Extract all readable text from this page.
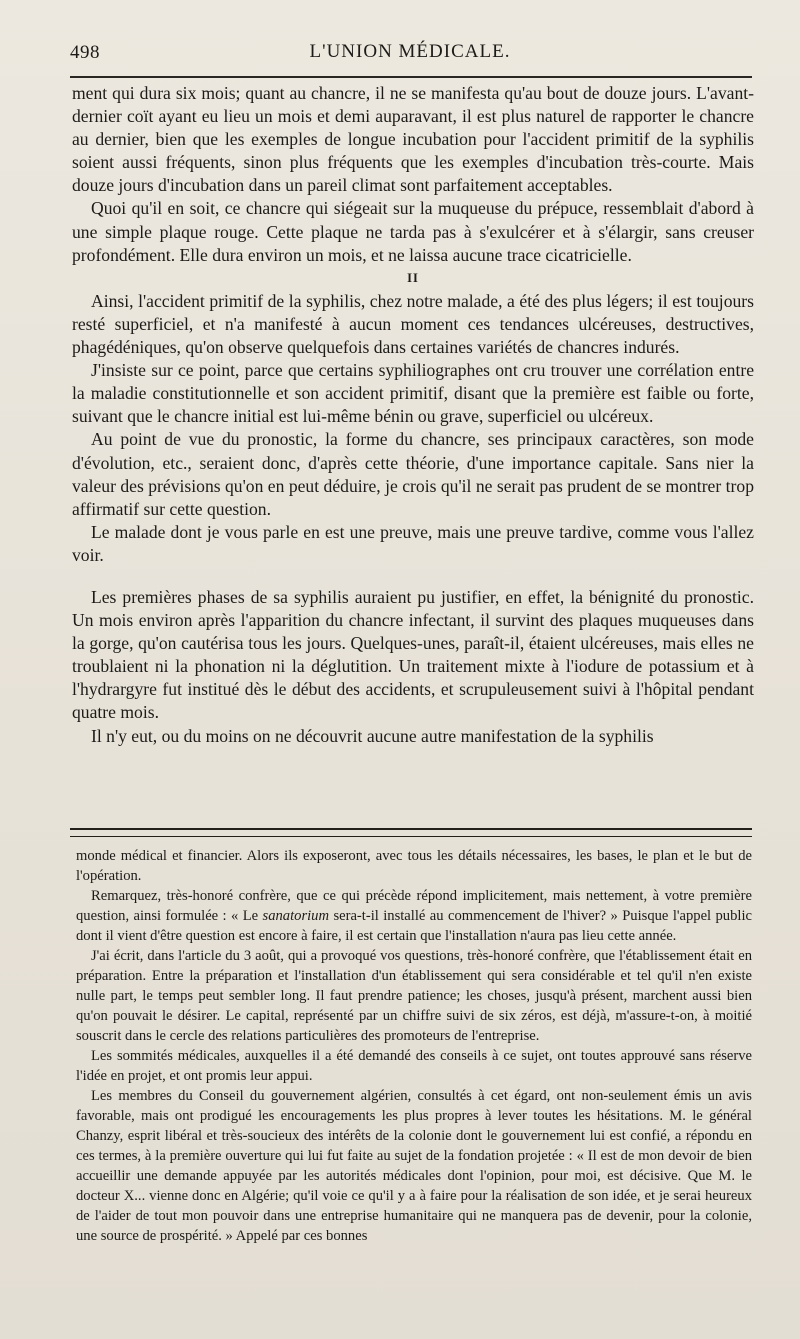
498	L'UNION MÉDICALE.

ment qui dura six mois; quant au chancre, il ne se manifesta qu'au bout de douze jours. L'avant-dernier coït ayant eu lieu un mois et demi auparavant, il est plus naturel de rapporter le chancre au dernier, bien que les exemples de longue incubation pour l'accident primitif de la syphilis soient aussi fréquents, sinon plus fréquents que les exemples d'incubation très-courte. Mais douze jours d'incubation dans un pareil climat sont parfaitement acceptables.

Quoi qu'il en soit, ce chancre qui siégeait sur la muqueuse du prépuce, ressemblait d'abord à une simple plaque rouge. Cette plaque ne tarda pas à s'exulcérer et à s'élargir, sans creuser profondément. Elle dura environ un mois, et ne laissa aucune trace cicatricielle.

II

Ainsi, l'accident primitif de la syphilis, chez notre malade, a été des plus légers; il est toujours resté superficiel, et n'a manifesté à aucun moment ces tendances ulcéreuses, destructives, phagédéniques, qu'on observe quelquefois dans certaines variétés de chancres indurés.

J'insiste sur ce point, parce que certains syphiliographes ont cru trouver une corrélation entre la maladie constitutionnelle et son accident primitif, disant que la première est faible ou forte, suivant que le chancre initial est lui-même bénin ou grave, superficiel ou ulcéreux.

Au point de vue du pronostic, la forme du chancre, ses principaux caractères, son mode d'évolution, etc., seraient donc, d'après cette théorie, d'une importance capitale. Sans nier la valeur des prévisions qu'on en peut déduire, je crois qu'il ne serait pas prudent de se montrer trop affirmatif sur cette question.

Le malade dont je vous parle en est une preuve, mais une preuve tardive, comme vous l'allez voir.

Les premières phases de sa syphilis auraient pu justifier, en effet, la bénignité du pronostic. Un mois environ après l'apparition du chancre infectant, il survint des plaques muqueuses dans la gorge, qu'on cautérisa tous les jours. Quelques-unes, paraît-il, étaient ulcéreuses, mais elles ne troublaient ni la phonation ni la déglutition. Un traitement mixte à l'iodure de potassium et à l'hydrargyre fut institué dès le début des accidents, et scrupuleusement suivi à l'hôpital pendant quatre mois.

Il n'y eut, ou du moins on ne découvrit aucune autre manifestation de la syphilis

monde médical et financier. Alors ils exposeront, avec tous les détails nécessaires, les bases, le plan et le but de l'opération.

Remarquez, très-honoré confrère, que ce qui précède répond implicitement, mais nettement, à votre première question, ainsi formulée : « Le sanatorium sera-t-il installé au commencement de l'hiver? » Puisque l'appel public dont il vient d'être question est encore à faire, il est certain que l'installation n'aura pas lieu cette année.

J'ai écrit, dans l'article du 3 août, qui a provoqué vos questions, très-honoré confrère, que l'établissement était en préparation. Entre la préparation et l'installation d'un établissement qui sera considérable et tel qu'il n'en existe nulle part, le temps peut sembler long. Il faut prendre patience; les choses, jusqu'à présent, marchent aussi bien qu'on pouvait le désirer. Le capital, représenté par un chiffre suivi de six zéros, est déjà, m'assure-t-on, à moitié souscrit dans le cercle des relations particulières des promoteurs de l'entreprise.

Les sommités médicales, auxquelles il a été demandé des conseils à ce sujet, ont toutes approuvé sans réserve l'idée en projet, et ont promis leur appui.

Les membres du Conseil du gouvernement algérien, consultés à cet égard, ont non-seulement émis un avis favorable, mais ont prodigué les encouragements les plus propres à lever toutes les hésitations. M. le général Chanzy, esprit libéral et très-soucieux des intérêts de la colonie dont le gouvernement lui est confié, a répondu en ces termes, à la première ouverture qui lui fut faite au sujet de la fondation projetée : « Il est de mon devoir de bien accueillir une demande appuyée par les autorités médicales dont l'opinion, pour moi, est décisive. Que M. le docteur X... vienne donc en Algérie; qu'il voie ce qu'il y a à faire pour la réalisation de son idée, et je serai heureux de l'aider de tout mon pouvoir dans une entreprise humanitaire qui ne manquera pas de devenir, pour la colonie, une source de prospérité. » Appelé par ces bonnes
